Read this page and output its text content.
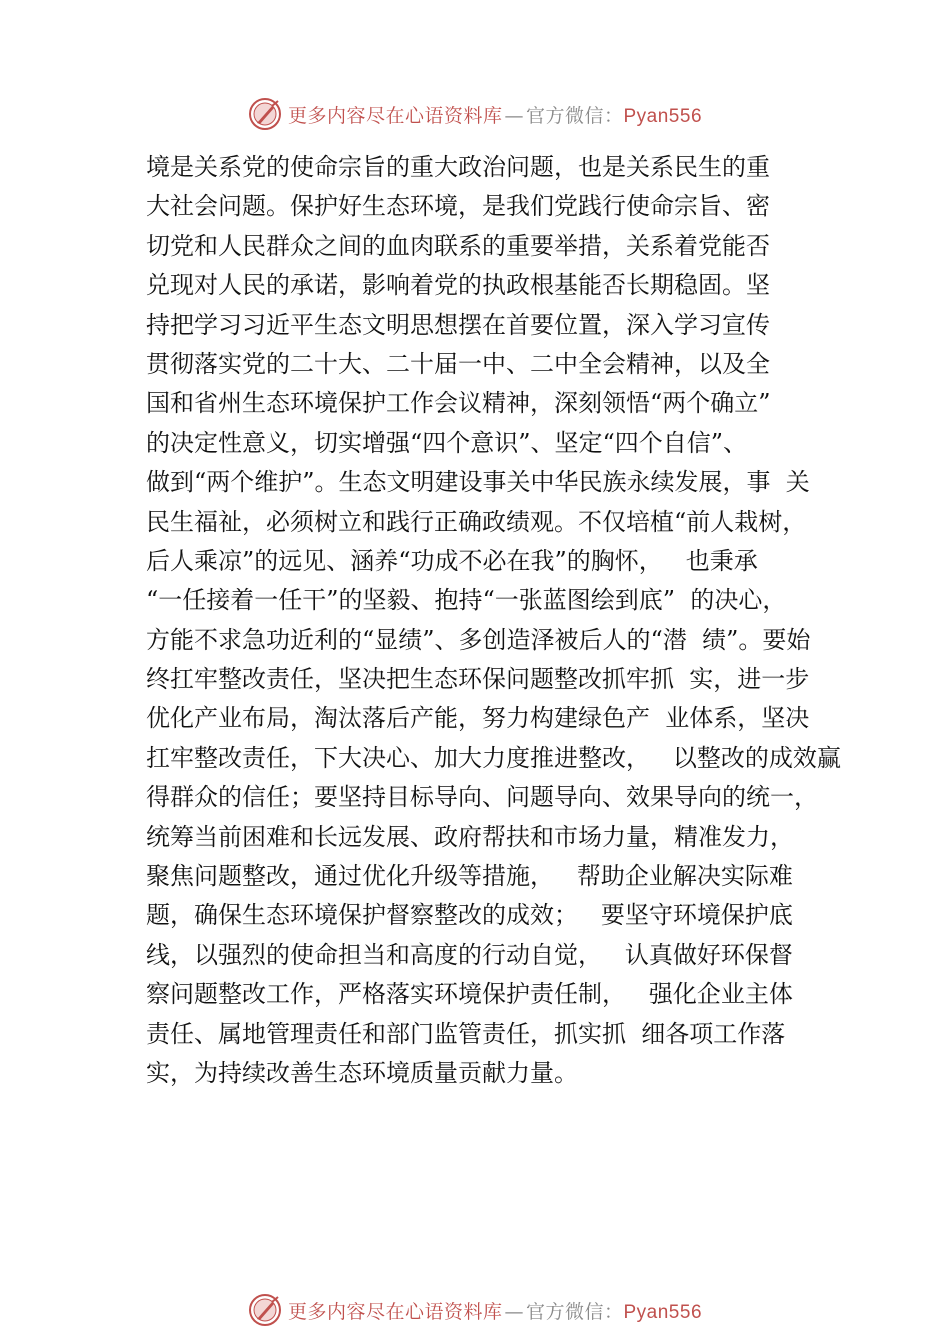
更多内容尽在心语资料库 — 官方微信：Pyan556
境是关系党的使命宗旨的重大政治问题，也是关系民生的重
大社会问题。保护好生态环境，是我们党践行使命宗旨、密
切党和人民群众之间的血肉联系的重要举措，关系着党能否
兑现对人民的承诺，影响着党的执政根基能否长期稳固。坚
持把学习习近平生态文明思想摆在首要位置，深入学习宣传
贯彻落实党的二十大、二十届一中、二中全会精神，以及全
国和省州生态环境保护工作会议精神，深刻领悟“两个确立”
的决定性意义，切实增强“四个意识”、坚定“四个自信”、
做到“两个维护”。生态文明建设事关中华民族永续发展，事  关
民生福祉，必须树立和践行正确政绩观。不仅培植“前人栽树，
后人乘凉”的远见、涵养“功成不必在我”的胸怀，   也秉承
“一任接着一任干”的坚毅、抱持“一张蓝图绘到底”  的决心，
方能不求急功近利的“显绩”、多创造泽被后人的“潜  绩”。要始
终扛牢整改责任，坚决把生态环保问题整改抓牢抓  实，进一步
优化产业布局，淘汰落后产能，努力构建绿色产  业体系，坚决
扛牢整改责任，下大决心、加大力度推进整改，   以整改的成效赢
得群众的信任；要坚持目标导向、问题导向、效果导向的统一，
统筹当前困难和长远发展、政府帮扶和市场力量，精准发力，
聚焦问题整改，通过优化升级等措施，   帮助企业解决实际难
题，确保生态环境保护督察整改的成效；   要坚守环境保护底
线，以强烈的使命担当和高度的行动自觉，   认真做好环保督
察问题整改工作，严格落实环境保护责任制，   强化企业主体
责任、属地管理责任和部门监管责任，抓实抓  细各项工作落
实，为持续改善生态环境质量贡献力量。
更多内容尽在心语资料库 — 官方微信：Pyan556
